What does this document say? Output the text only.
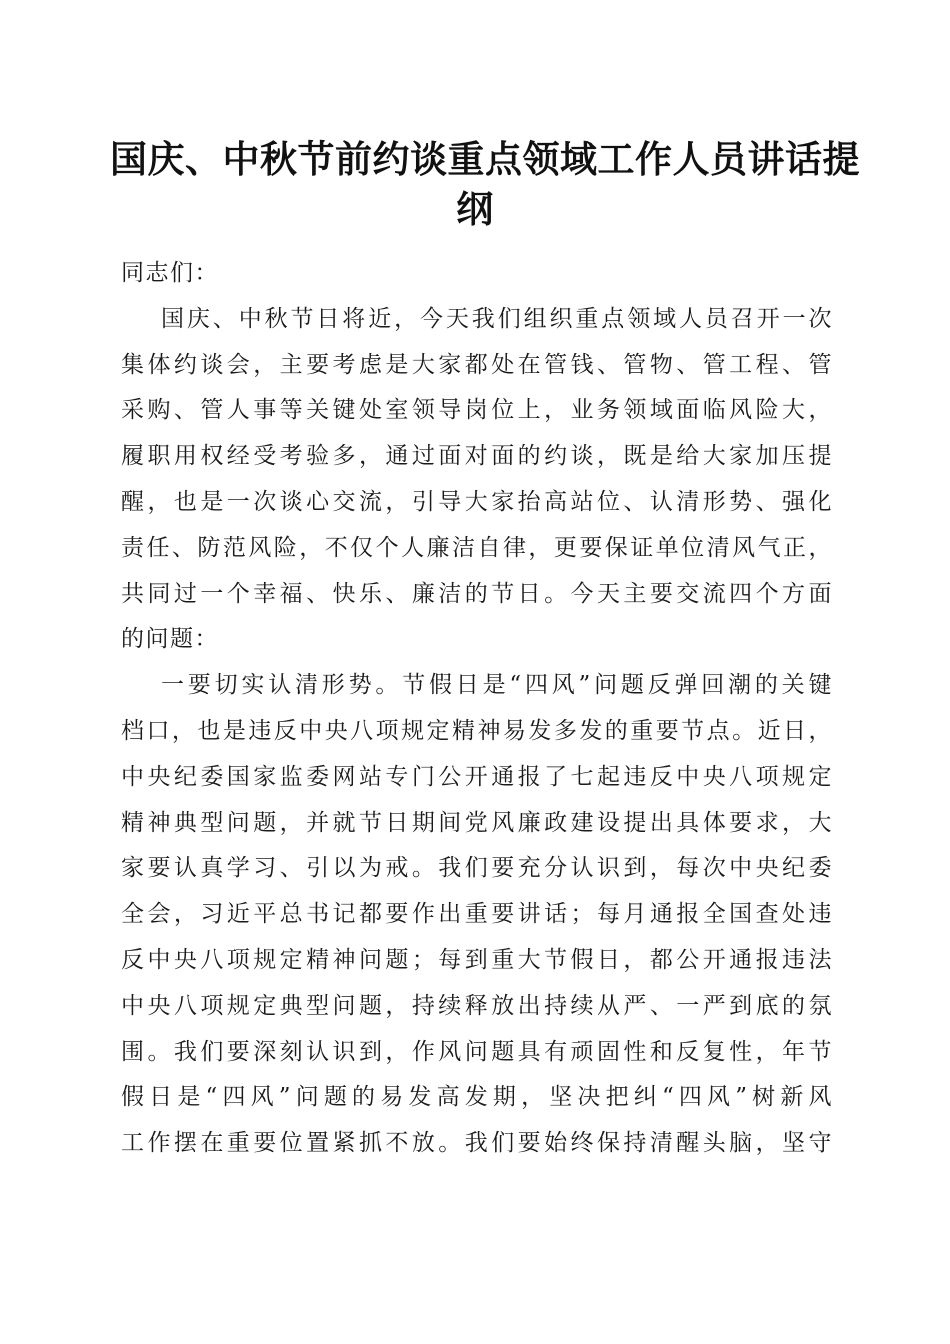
国庆、中秋节前约谈重点领域工作人员讲话提
纲
同志们：
国庆、中秋节日将近，今天我们组织重点领域人员召开一次
集体约谈会，主要考虑是大家都处在管钱、管物、管工程、管
采购、管人事等关键处室领导岗位上，业务领域面临风险大，
履职用权经受考验多，通过面对面的约谈，既是给大家加压提
醒，也是一次谈心交流，引导大家抬高站位、认清形势、强化
责任、防范风险，不仅个人廉洁自律，更要保证单位清风气正，
共同过一个幸福、快乐、廉洁的节日。今天主要交流四个方面
的问题：
一要切实认清形势。节假日是“四风”问题反弹回潮的关键
档口，也是违反中央八项规定精神易发多发的重要节点。近日，
中央纪委国家监委网站专门公开通报了七起违反中央八项规定
精神典型问题，并就节日期间党风廉政建设提出具体要求，大
家要认真学习、引以为戒。我们要充分认识到，每次中央纪委
全会，习近平总书记都要作出重要讲话；每月通报全国查处违
反中央八项规定精神问题；每到重大节假日，都公开通报违法
中央八项规定典型问题，持续释放出持续从严、一严到底的氛
围。我们要深刻认识到，作风问题具有顽固性和反复性，年节
假日是“四风”问题的易发高发期，坚决把纠“四风”树新风
工作摆在重要位置紧抓不放。我们要始终保持清醒头脑，坚守
